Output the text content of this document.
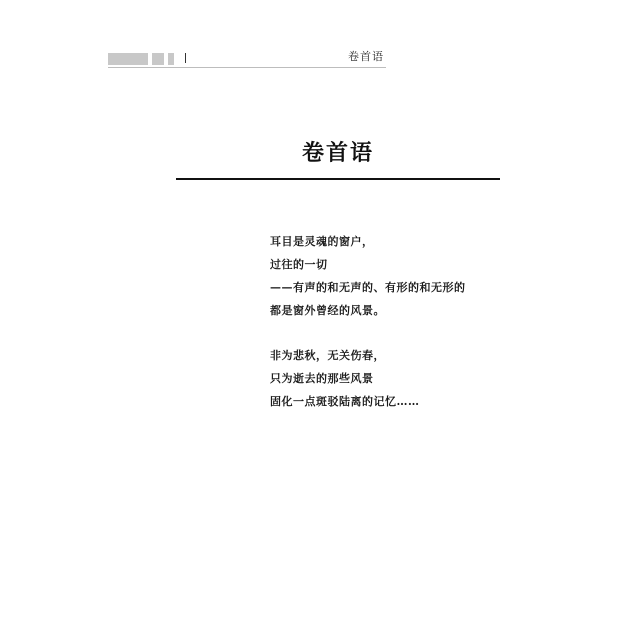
卷首语
卷首语
耳目是灵魂的窗户，
过往的一切
——有声的和无声的、有形的和无形的
都是窗外曾经的风景。
非为悲秋，无关伤春，
只为逝去的那些风景
固化一点斑驳陆离的记忆……
